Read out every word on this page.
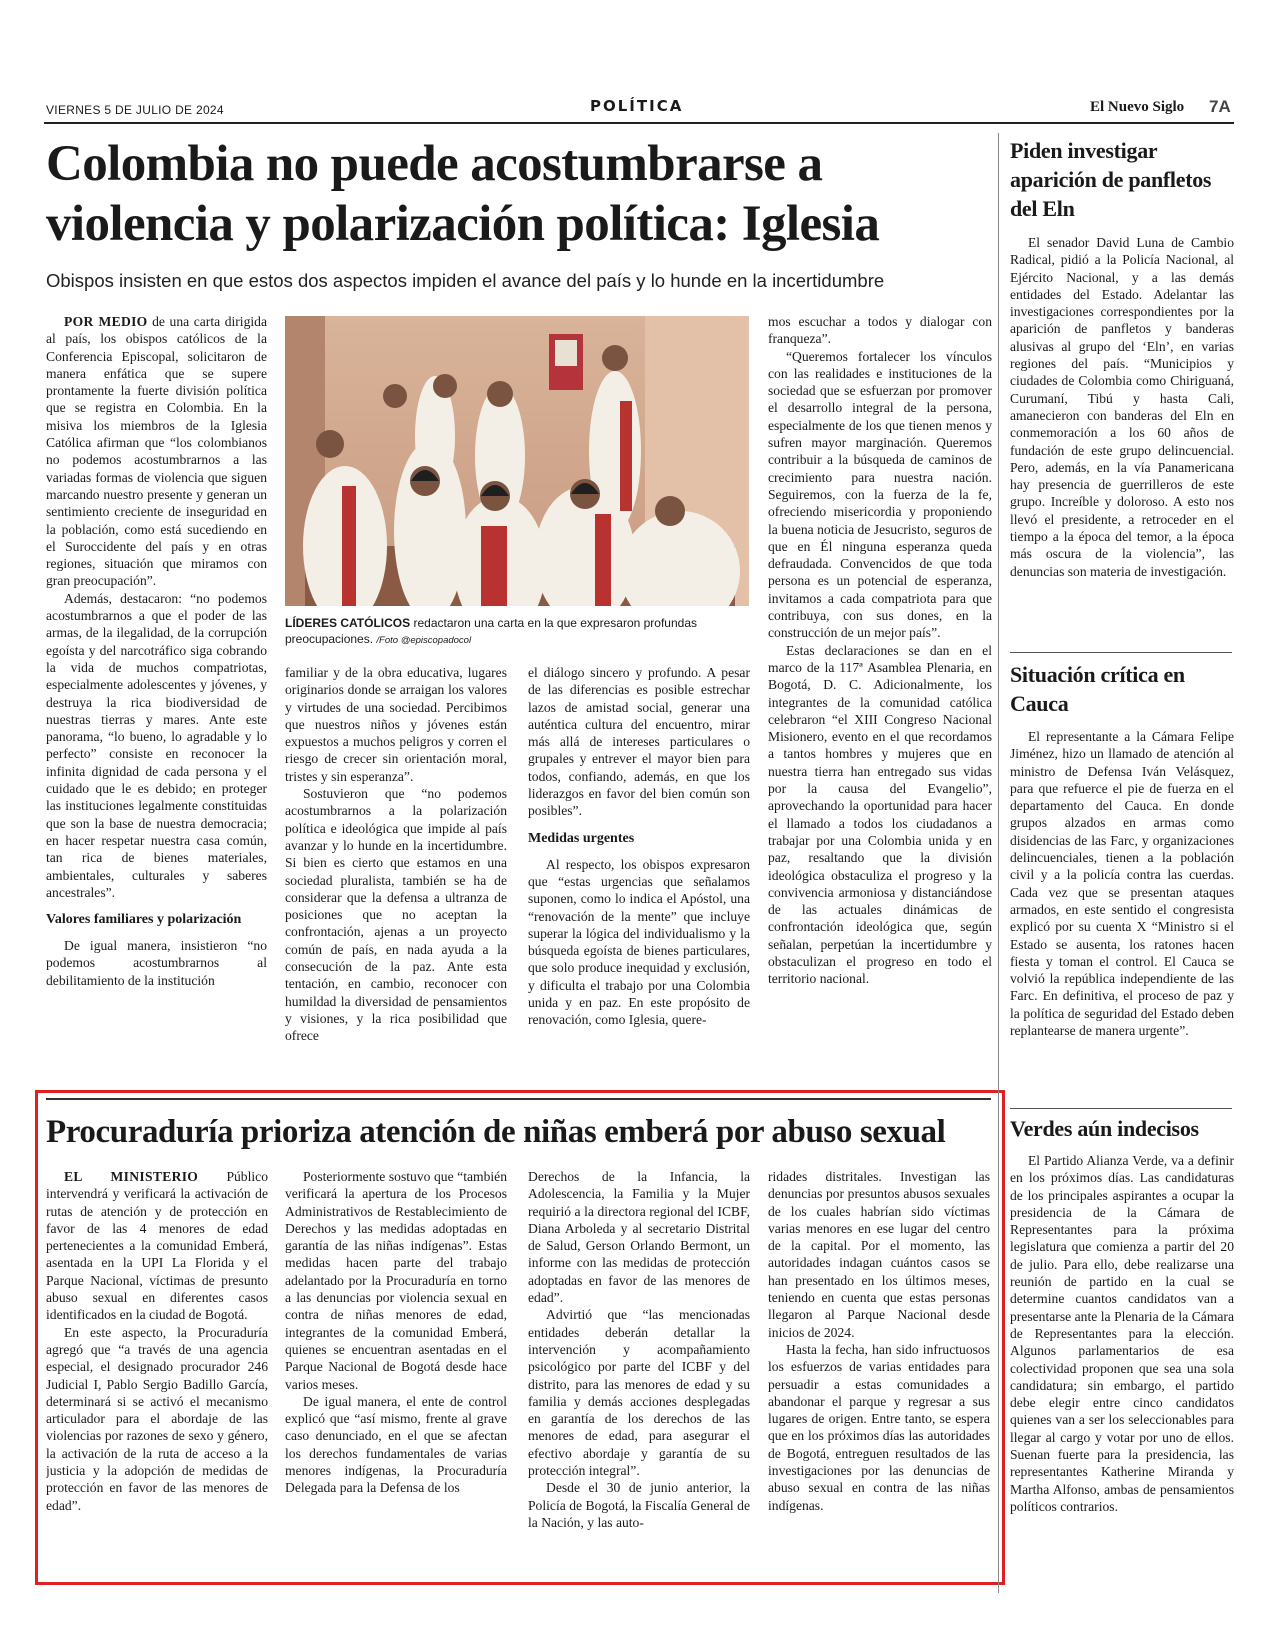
VIERNES 5 DE JULIO DE 2024	POLÍTICA	El Nuevo Siglo 7A
Colombia no puede acostumbrarse a violencia y polarización política: Iglesia
Obispos insisten en que estos dos aspectos impiden el avance del país y lo hunde en la incertidumbre

POR MEDIO de una carta dirigida al país, los obispos católicos de la Conferencia Episcopal, solicitaron de manera enfática que se supere prontamente la fuerte división política que se registra en Colombia. En la misiva los miembros de la Iglesia Católica afirman que “los colombianos no podemos acostumbrarnos a las variadas formas de violencia que siguen marcando nuestro presente y generan un sentimiento creciente de inseguridad en la población, como está sucediendo en el Suroccidente del país y en otras regiones, situación que miramos con gran preocupación”.

Además, destacaron: “no podemos acostumbrarnos a que el poder de las armas, de la ilegalidad, de la corrupción egoísta y del narcotráfico siga cobrando la vida de muchos compatriotas, especialmente adolescentes y jóvenes, y destruya la rica biodiversidad de nuestras tierras y mares. Ante este panorama, “lo bueno, lo agradable y lo perfecto” consiste en reconocer la infinita dignidad de cada persona y el cuidado que le es debido; en proteger las instituciones legalmente constituidas que son la base de nuestra democracia; en hacer respetar nuestra casa común, tan rica de bienes materiales, ambientales, culturales y saberes ancestrales”.

Valores familiares y polarización

De igual manera, insistieron “no podemos acostumbrarnos al debilitamiento de la institución

LÍDERES CATÓLICOS redactaron una carta en la que expresaron profundas preocupaciones. /Foto @episcopadocol

familiar y de la obra educativa, lugares originarios donde se arraigan los valores y virtudes de una sociedad. Percibimos que nuestros niños y jóvenes están expuestos a muchos peligros y corren el riesgo de crecer sin orientación moral, tristes y sin esperanza”.

Sostuvieron que “no podemos acostumbrarnos a la polarización política e ideológica que impide al país avanzar y lo hunde en la incertidumbre. Si bien es cierto que estamos en una sociedad pluralista, también se ha de considerar que la defensa a ultranza de posiciones que no aceptan la confrontación, ajenas a un proyecto común de país, en nada ayuda a la consecución de la paz. Ante esta tentación, en cambio, reconocer con humildad la diversidad de pensamientos y visiones, y la rica posibilidad que ofrece

el diálogo sincero y profundo. A pesar de las diferencias es posible estrechar lazos de amistad social, generar una auténtica cultura del encuentro, mirar más allá de intereses particulares o grupales y entrever el mayor bien para todos, confiando, además, en que los liderazgos en favor del bien común son posibles”.

Medidas urgentes

Al respecto, los obispos expresaron que “estas urgencias que señalamos suponen, como lo indica el Apóstol, una “renovación de la mente” que incluye superar la lógica del individualismo y la búsqueda egoísta de bienes particulares, que solo produce inequidad y exclusión, y dificulta el trabajo por una Colombia unida y en paz. En este propósito de renovación, como Iglesia, quere-

mos escuchar a todos y dialogar con franqueza”.

“Queremos fortalecer los vínculos con las realidades e instituciones de la sociedad que se esfuerzan por promover el desarrollo integral de la persona, especialmente de los que tienen menos y sufren mayor marginación. Queremos contribuir a la búsqueda de caminos de crecimiento para nuestra nación. Seguiremos, con la fuerza de la fe, ofreciendo misericordia y proponiendo la buena noticia de Jesucristo, seguros de que en Él ninguna esperanza queda defraudada. Convencidos de que toda persona es un potencial de esperanza, invitamos a cada compatriota para que contribuya, con sus dones, en la construcción de un mejor país”.

Estas declaraciones se dan en el marco de la 117ª Asamblea Plenaria, en Bogotá, D. C. Adicionalmente, los integrantes de la comunidad católica celebraron “el XIII Congreso Nacional Misionero, evento en el que recordamos a tantos hombres y mujeres que en nuestra tierra han entregado sus vidas por la causa del Evangelio”, aprovechando la oportunidad para hacer el llamado a todos los ciudadanos a trabajar por una Colombia unida y en paz, resaltando que la división ideológica obstaculiza el progreso y la convivencia armoniosa y distanciándose de las actuales dinámicas de confrontación ideológica que, según señalan, perpetúan la incertidumbre y obstaculizan el progreso en todo el territorio nacional.

Procuraduría prioriza atención de niñas emberá por abuso sexual

EL MINISTERIO Público intervendrá y verificará la activación de rutas de atención y de protección en favor de las 4 menores de edad pertenecientes a la comunidad Emberá, asentada en la UPI La Florida y el Parque Nacional, víctimas de presunto abuso sexual en diferentes casos identificados en la ciudad de Bogotá.

En este aspecto, la Procuraduría agregó que “a través de una agencia especial, el designado procurador 246 Judicial I, Pablo Sergio Badillo García, determinará si se activó el mecanismo articulador para el abordaje de las violencias por razones de sexo y género, la activación de la ruta de acceso a la justicia y la adopción de medidas de protección en favor de las menores de edad”.

Posteriormente sostuvo que “también verificará la apertura de los Procesos Administrativos de Restablecimiento de Derechos y las medidas adoptadas en garantía de las niñas indígenas”. Estas medidas hacen parte del trabajo adelantado por la Procuraduría en torno a las denuncias por violencia sexual en contra de niñas menores de edad, integrantes de la comunidad Emberá, quienes se encuentran asentadas en el Parque Nacional de Bogotá desde hace varios meses.

De igual manera, el ente de control explicó que “así mismo, frente al grave caso denunciado, en el que se afectan los derechos fundamentales de varias menores indígenas, la Procuraduría Delegada para la Defensa de los

Derechos de la Infancia, la Adolescencia, la Familia y la Mujer requirió a la directora regional del ICBF, Diana Arboleda y al secretario Distrital de Salud, Gerson Orlando Bermont, un informe con las medidas de protección adoptadas en favor de las menores de edad”.

Advirtió que “las mencionadas entidades deberán detallar la intervención y acompañamiento psicológico por parte del ICBF y del distrito, para las menores de edad y su familia y demás acciones desplegadas en garantía de los derechos de las menores de edad, para asegurar el efectivo abordaje y garantía de su protección integral”.

Desde el 30 de junio anterior, la Policía de Bogotá, la Fiscalía General de la Nación, y las auto-

ridades distritales. Investigan las denuncias por presuntos abusos sexuales de los cuales habrían sido víctimas varias menores en ese lugar del centro de la capital. Por el momento, las autoridades indagan cuántos casos se han presentado en los últimos meses, teniendo en cuenta que estas personas llegaron al Parque Nacional desde inicios de 2024.

Hasta la fecha, han sido infructuosos los esfuerzos de varias entidades para persuadir a estas comunidades a abandonar el parque y regresar a sus lugares de origen. Entre tanto, se espera que en los próximos días las autoridades de Bogotá, entreguen resultados de las investigaciones por las denuncias de abuso sexual en contra de las niñas indígenas.

Piden investigar aparición de panfletos del Eln

El senador David Luna de Cambio Radical, pidió a la Policía Nacional, al Ejército Nacional, y a las demás entidades del Estado. Adelantar las investigaciones correspondientes por la aparición de panfletos y banderas alusivas al grupo del ‘Eln’, en varias regiones del país. “Municipios y ciudades de Colombia como Chiriguaná, Curumaní, Tibú y hasta Cali, amanecieron con banderas del Eln en conmemoración a los 60 años de fundación de este grupo delincuencial. Pero, además, en la vía Panamericana hay presencia de guerrilleros de este grupo. Increíble y doloroso. A esto nos llevó el presidente, a retroceder en el tiempo a la época del temor, a la época más oscura de la violencia”, las denuncias son materia de investigación.

Situación crítica en Cauca

El representante a la Cámara Felipe Jiménez, hizo un llamado de atención al ministro de Defensa Iván Velásquez, para que refuerce el pie de fuerza en el departamento del Cauca. En donde grupos alzados en armas como disidencias de las Farc, y organizaciones delincuenciales, tienen a la población civil y a la policía contra las cuerdas. Cada vez que se presentan ataques armados, en este sentido el congresista explicó por su cuenta X “Ministro si el Estado se ausenta, los ratones hacen fiesta y toman el control. El Cauca se volvió la república independiente de las Farc. En definitiva, el proceso de paz y la política de seguridad del Estado deben replantearse de manera urgente”.

Verdes aún indecisos

El Partido Alianza Verde, va a definir en los próximos días. Las candidaturas de los principales aspirantes a ocupar la presidencia de la Cámara de Representantes para la próxima legislatura que comienza a partir del 20 de julio. Para ello, debe realizarse una reunión de partido en la cual se determine cuantos candidatos van a presentarse ante la Plenaria de la Cámara de Representantes para la elección. Algunos parlamentarios de esa colectividad proponen que sea una sola candidatura; sin embargo, el partido debe elegir entre cinco candidatos quienes van a ser los seleccionables para llegar al cargo y votar por uno de ellos. Suenan fuerte para la presidencia, las representantes Katherine Miranda y Martha Alfonso, ambas de pensamientos políticos contrarios.
